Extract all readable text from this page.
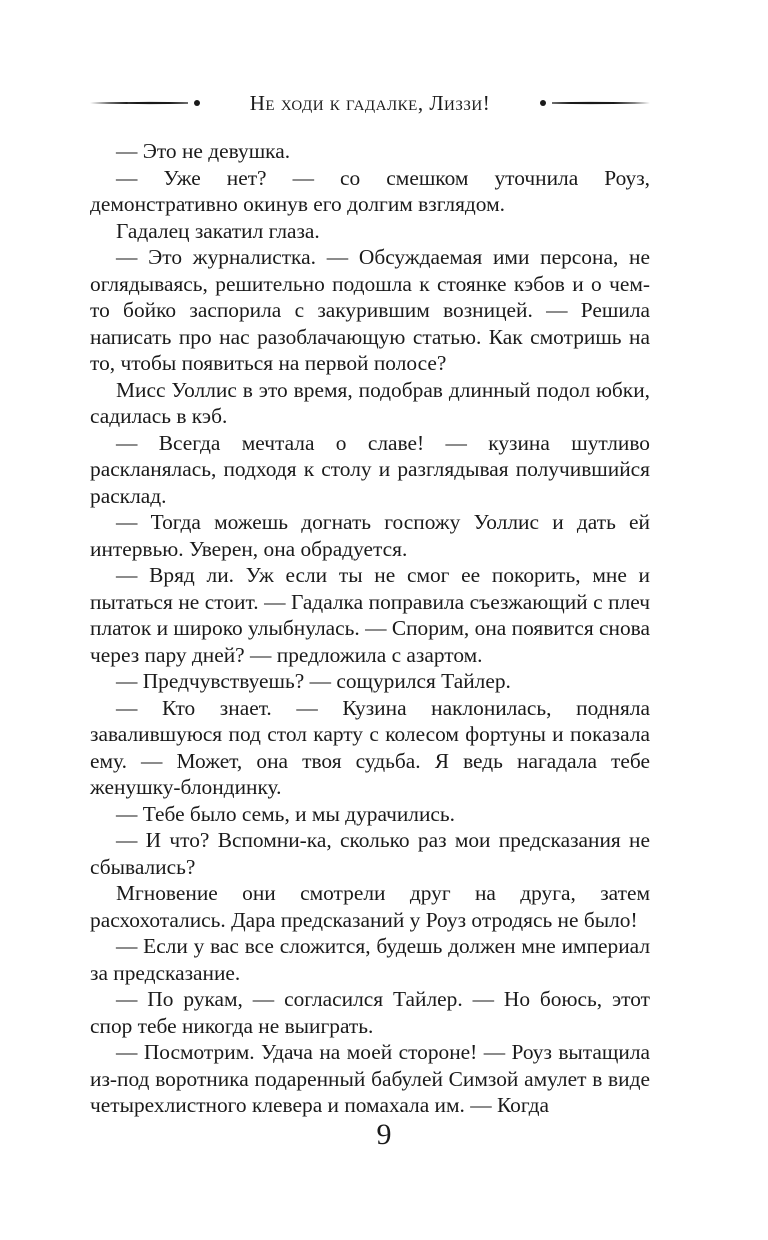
Не ходи к гадалке, Лиззи!

— Это не девушка.

— Уже нет? — со смешком уточнила Роуз, демонстративно окинув его долгим взглядом.

Гадалец закатил глаза.

— Это журналистка. — Обсуждаемая ими персона, не оглядываясь, решительно подошла к стоянке кэбов и о чем-то бойко заспорила с закурившим возницей. — Решила написать про нас разоблачающую статью. Как смотришь на то, чтобы появиться на первой полосе?

Мисс Уоллис в это время, подобрав длинный подол юбки, садилась в кэб.

— Всегда мечтала о славе! — кузина шутливо раскланялась, подходя к столу и разглядывая получившийся расклад.

— Тогда можешь догнать госпожу Уоллис и дать ей интервью. Уверен, она обрадуется.

— Вряд ли. Уж если ты не смог ее покорить, мне и пытаться не стоит. — Гадалка поправила съезжающий с плеч платок и широко улыбнулась. — Спорим, она появится снова через пару дней? — предложила с азартом.

— Предчувствуешь? — сощурился Тайлер.

— Кто знает. — Кузина наклонилась, подняла завалившуюся под стол карту с колесом фортуны и показала ему. — Может, она твоя судьба. Я ведь нагадала тебе женушку-блондинку.

— Тебе было семь, и мы дурачились.

— И что? Вспомни-ка, сколько раз мои предсказания не сбывались?

Мгновение они смотрели друг на друга, затем расхохотались. Дара предсказаний у Роуз отродясь не было!

— Если у вас все сложится, будешь должен мне империал за предсказание.

— По рукам, — согласился Тайлер. — Но боюсь, этот спор тебе никогда не выиграть.

— Посмотрим. Удача на моей стороне! — Роуз вытащила из-под воротника подаренный бабулей Симзой амулет в виде четырехлистного клевера и помахала им. — Когда

9
